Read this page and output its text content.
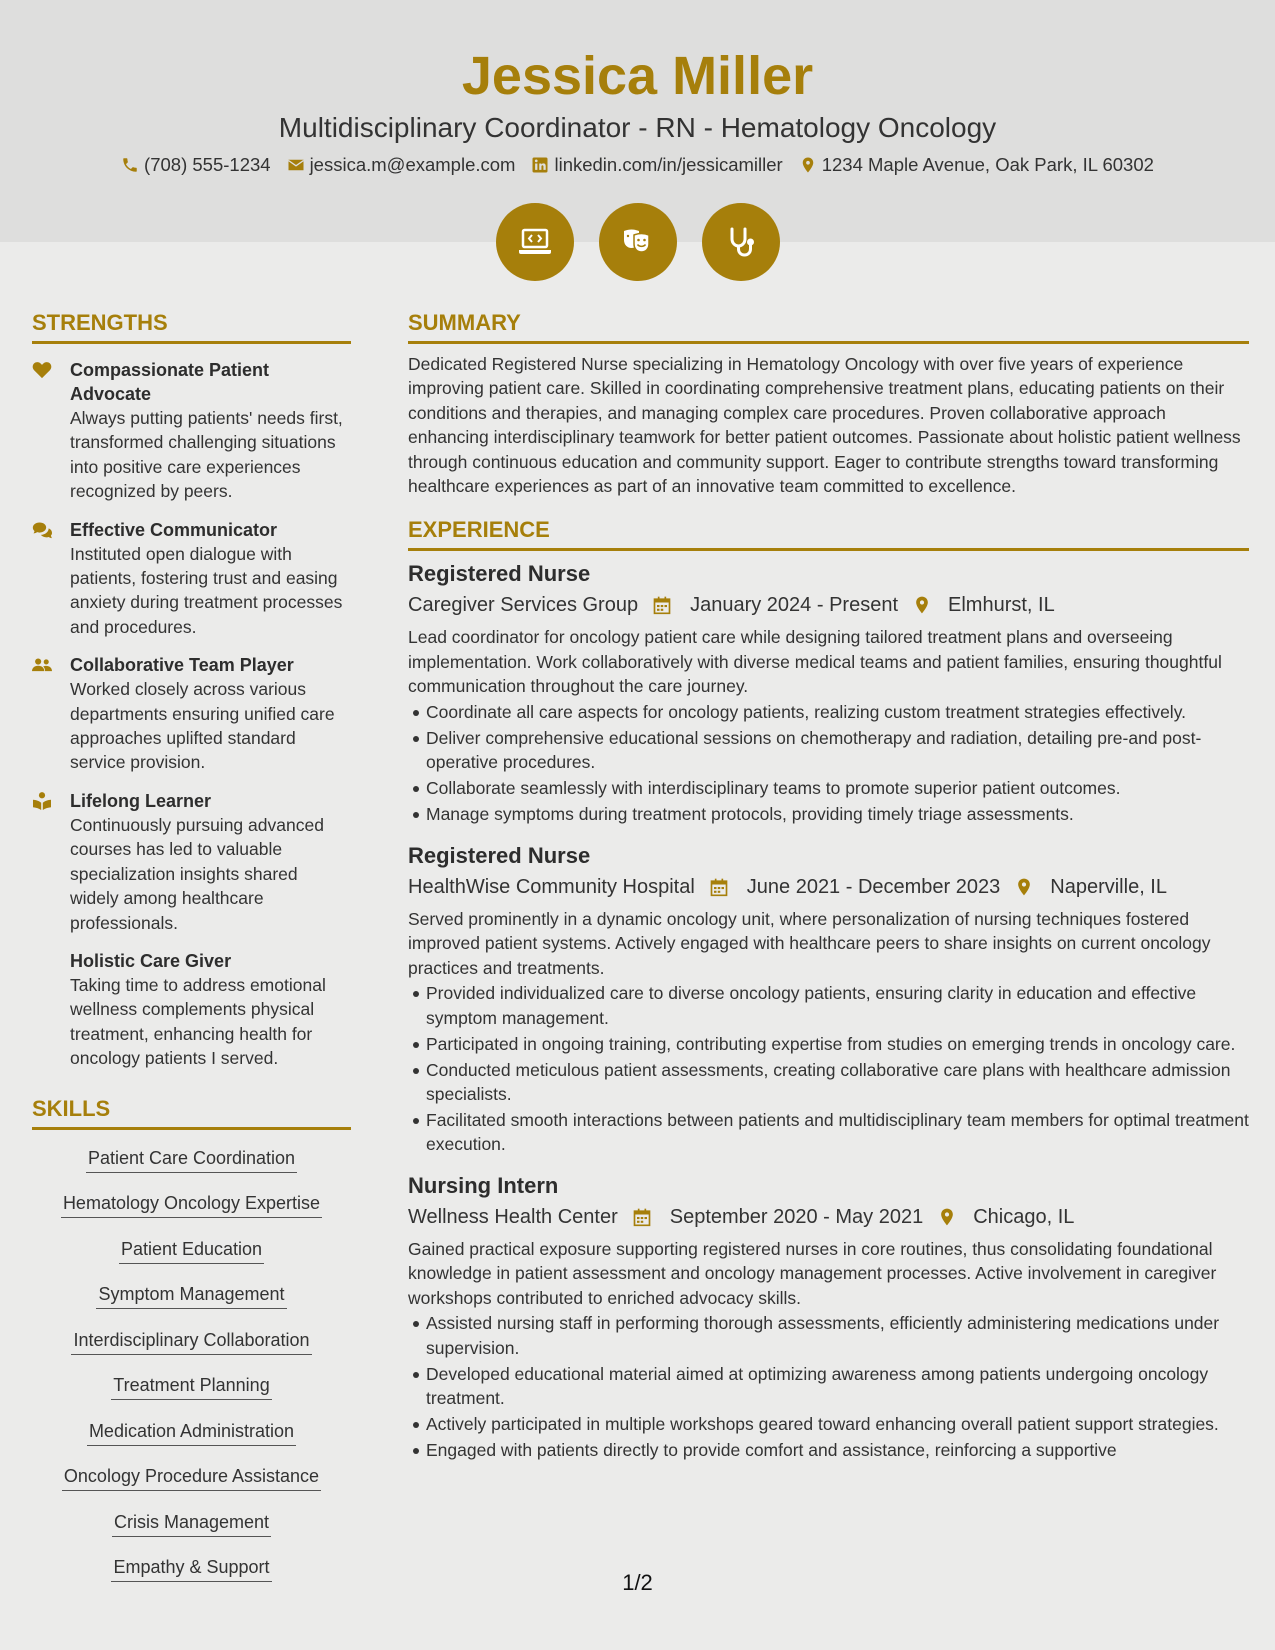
Jessica Miller
Multidisciplinary Coordinator - RN - Hematology Oncology
(708) 555-1234 jessica.m@example.com linkedin.com/in/jessicamiller 1234 Maple Avenue, Oak Park, IL 60302
STRENGTHS
Compassionate Patient Advocate
Always putting patients' needs first, transformed challenging situations into positive care experiences recognized by peers.
Effective Communicator
Instituted open dialogue with patients, fostering trust and easing anxiety during treatment processes and procedures.
Collaborative Team Player
Worked closely across various departments ensuring unified care approaches uplifted standard service provision.
Lifelong Learner
Continuously pursuing advanced courses has led to valuable specialization insights shared widely among healthcare professionals.
Holistic Care Giver
Taking time to address emotional wellness complements physical treatment, enhancing health for oncology patients I served.
SKILLS
Patient Care Coordination
Hematology Oncology Expertise
Patient Education
Symptom Management
Interdisciplinary Collaboration
Treatment Planning
Medication Administration
Oncology Procedure Assistance
Crisis Management
Empathy & Support
SUMMARY

Dedicated Registered Nurse specializing in Hematology Oncology with over five years of experience improving patient care. Skilled in coordinating comprehensive treatment plans, educating patients on their conditions and therapies, and managing complex care procedures. Proven collaborative approach enhancing interdisciplinary teamwork for better patient outcomes. Passionate about holistic patient wellness through continuous education and community support. Eager to contribute strengths toward transforming healthcare experiences as part of an innovative team committed to excellence.

EXPERIENCE
Registered Nurse
Caregiver Services Group	January 2024 - Present	Elmhurst, IL
Lead coordinator for oncology patient care while designing tailored treatment plans and overseeing implementation. Work collaboratively with diverse medical teams and patient families, ensuring thoughtful communication throughout the care journey.
Coordinate all care aspects for oncology patients, realizing custom treatment strategies effectively.
Deliver comprehensive educational sessions on chemotherapy and radiation, detailing pre-and post-operative procedures.
Collaborate seamlessly with interdisciplinary teams to promote superior patient outcomes.
Manage symptoms during treatment protocols, providing timely triage assessments.
Registered Nurse
HealthWise Community Hospital	June 2021 - December 2023	Naperville, IL
Served prominently in a dynamic oncology unit, where personalization of nursing techniques fostered improved patient systems. Actively engaged with healthcare peers to share insights on current oncology practices and treatments.
Provided individualized care to diverse oncology patients, ensuring clarity in education and effective symptom management.
Participated in ongoing training, contributing expertise from studies on emerging trends in oncology care.
Conducted meticulous patient assessments, creating collaborative care plans with healthcare admission specialists.
Facilitated smooth interactions between patients and multidisciplinary team members for optimal treatment execution.
Nursing Intern
Wellness Health Center	September 2020 - May 2021	Chicago, IL
Gained practical exposure supporting registered nurses in core routines, thus consolidating foundational knowledge in patient assessment and oncology management processes. Active involvement in caregiver workshops contributed to enriched advocacy skills.
Assisted nursing staff in performing thorough assessments, efficiently administering medications under supervision.
Developed educational material aimed at optimizing awareness among patients undergoing oncology treatment.
Actively participated in multiple workshops geared toward enhancing overall patient support strategies.
Engaged with patients directly to provide comfort and assistance, reinforcing a supportive
1/2
